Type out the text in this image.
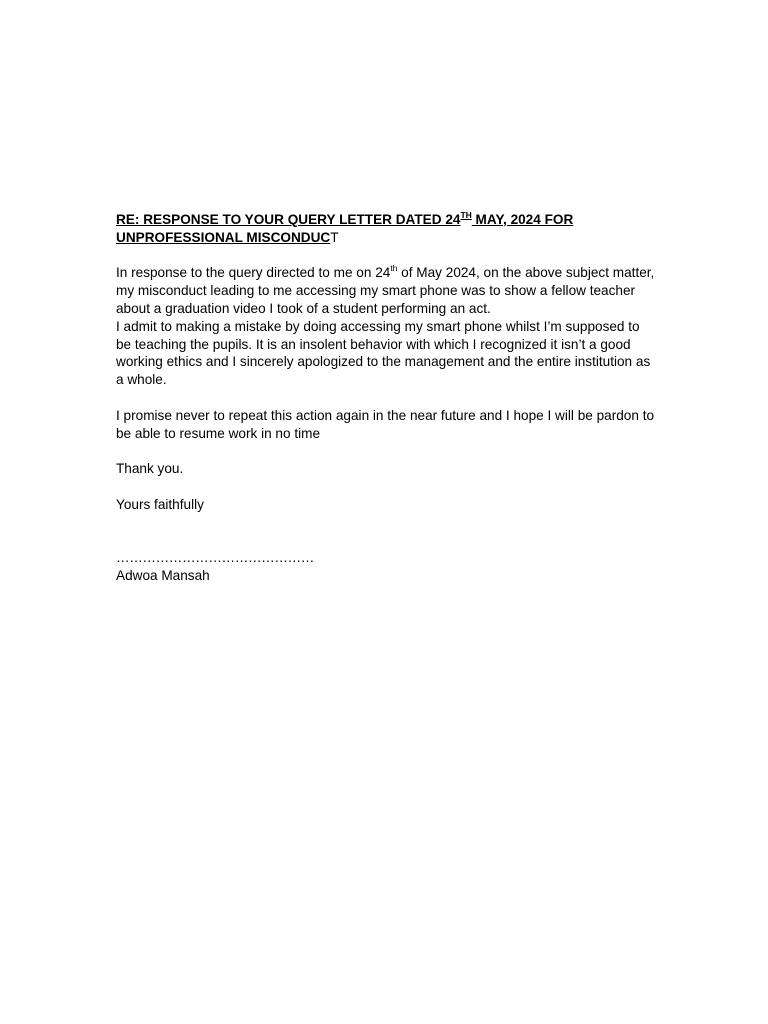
RE: RESPONSE TO YOUR QUERY LETTER DATED 24TH MAY, 2024 FOR
UNPROFESSIONAL MISCONDUCT

In response to the query directed to me on 24th of May 2024, on the above subject matter, my misconduct leading to me accessing my smart phone was to show a fellow teacher about a graduation video I took of a student performing an act.

I admit to making a mistake by doing accessing my smart phone whilst I’m supposed to be teaching the pupils. It is an insolent behavior with which I recognized it isn’t a good working ethics and I sincerely apologized to the management and the entire institution as a whole.

I promise never to repeat this action again in the near future and I hope I will be pardon to be able to resume work in no time

Thank you.

Yours faithfully

………………………………………

Adwoa Mansah
